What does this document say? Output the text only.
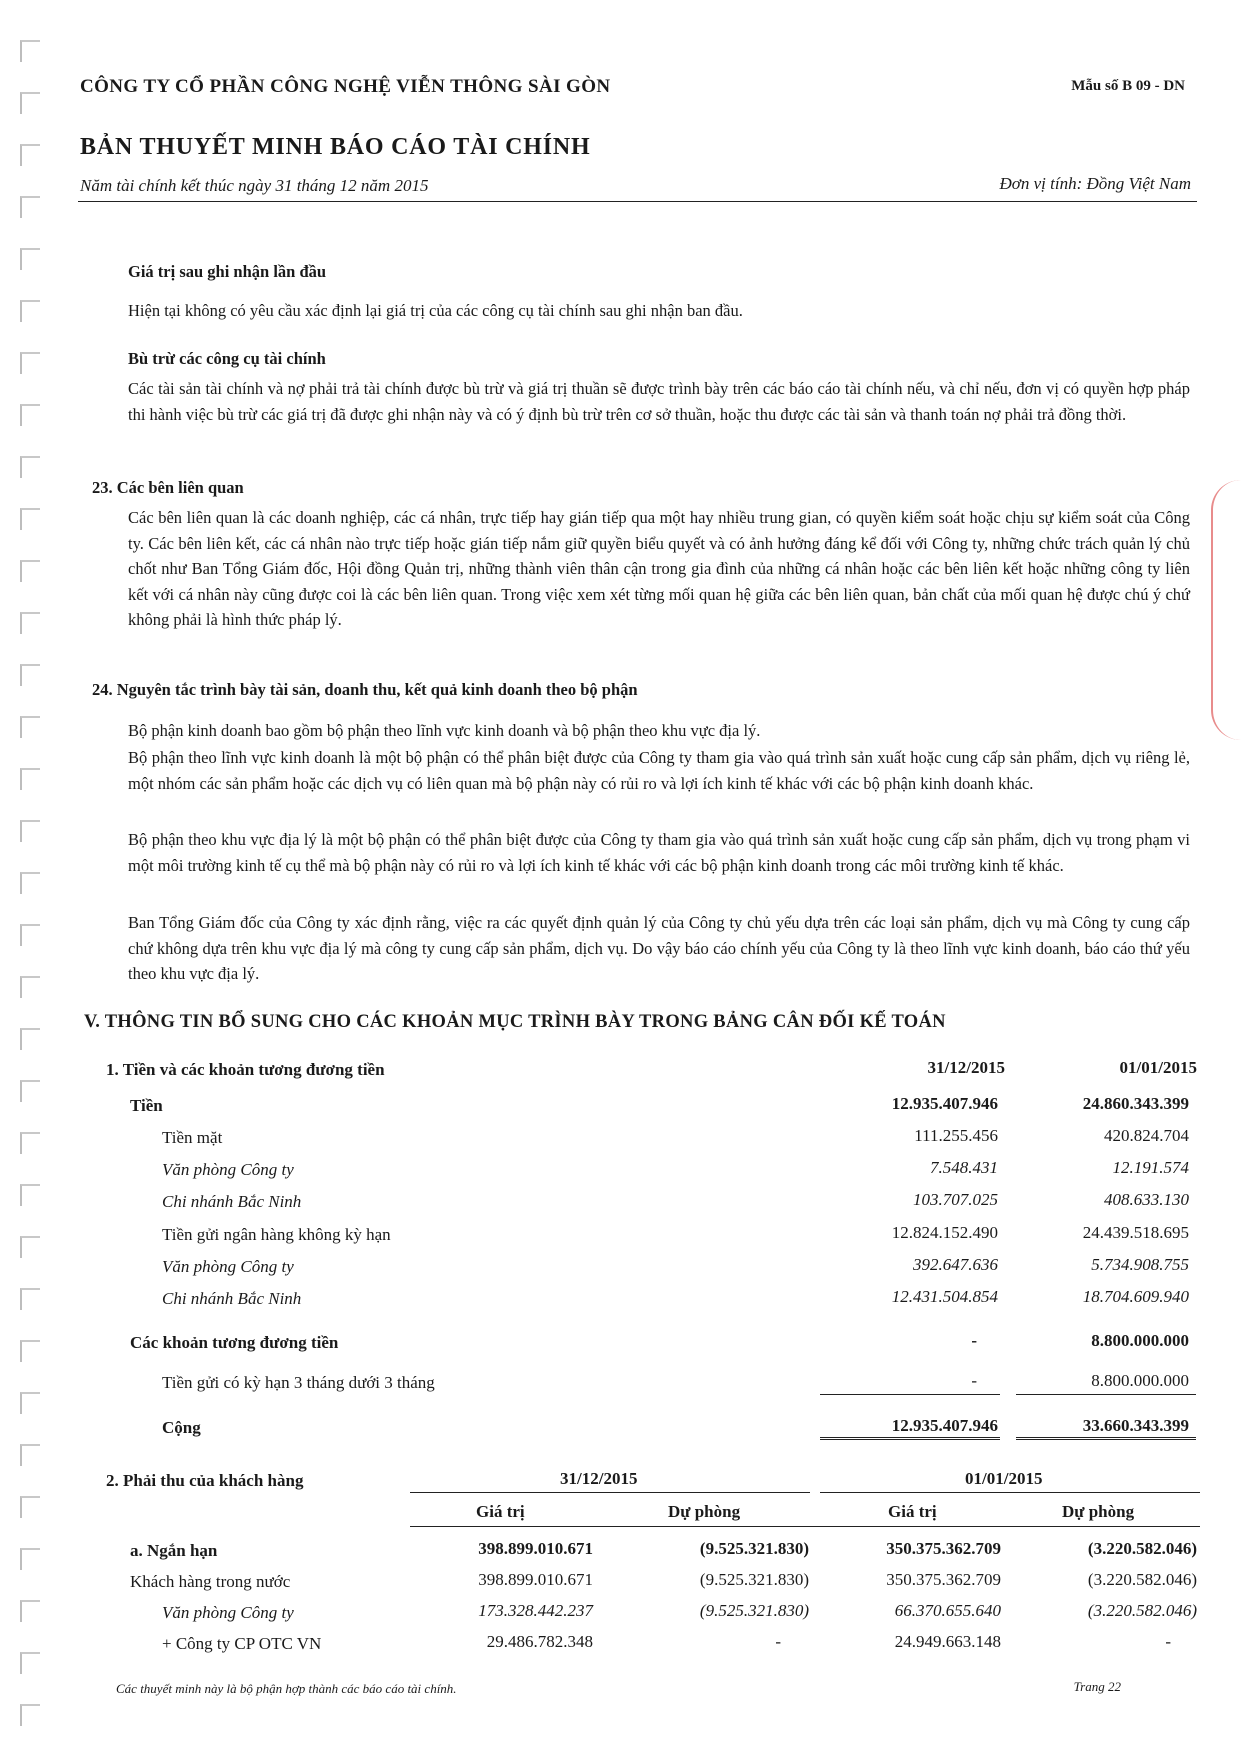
CÔNG TY CỔ PHẦN CÔNG NGHỆ VIỄN THÔNG SÀI GÒN	Mẫu số B 09 - DN
BẢN THUYẾT MINH BÁO CÁO TÀI CHÍNH
Năm tài chính kết thúc ngày 31 tháng 12 năm 2015	Đơn vị tính: Đồng Việt Nam
Giá trị sau ghi nhận lần đầu
Hiện tại không có yêu cầu xác định lại giá trị của các công cụ tài chính sau ghi nhận ban đầu.
Bù trừ các công cụ tài chính
Các tài sản tài chính và nợ phải trả tài chính được bù trừ và giá trị thuần sẽ được trình bày trên các báo cáo tài chính nếu, và chỉ nếu, đơn vị có quyền hợp pháp thi hành việc bù trừ các giá trị đã được ghi nhận này và có ý định bù trừ trên cơ sở thuần, hoặc thu được các tài sản và thanh toán nợ phải trả đồng thời.
23. Các bên liên quan
Các bên liên quan là các doanh nghiệp, các cá nhân, trực tiếp hay gián tiếp qua một hay nhiều trung gian, có quyền kiểm soát hoặc chịu sự kiểm soát của Công ty. Các bên liên kết, các cá nhân nào trực tiếp hoặc gián tiếp nắm giữ quyền biểu quyết và có ảnh hưởng đáng kể đối với Công ty, những chức trách quản lý chủ chốt như Ban Tổng Giám đốc, Hội đồng Quản trị, những thành viên thân cận trong gia đình của những cá nhân hoặc các bên liên kết hoặc những công ty liên kết với cá nhân này cũng được coi là các bên liên quan. Trong việc xem xét từng mối quan hệ giữa các bên liên quan, bản chất của mối quan hệ được chú ý chứ không phải là hình thức pháp lý.
24. Nguyên tắc trình bày tài sản, doanh thu, kết quả kinh doanh theo bộ phận
Bộ phận kinh doanh bao gồm bộ phận theo lĩnh vực kinh doanh và bộ phận theo khu vực địa lý.
Bộ phận theo lĩnh vực kinh doanh là một bộ phận có thể phân biệt được của Công ty tham gia vào quá trình sản xuất hoặc cung cấp sản phẩm, dịch vụ riêng lẻ, một nhóm các sản phẩm hoặc các dịch vụ có liên quan mà bộ phận này có rủi ro và lợi ích kinh tế khác với các bộ phận kinh doanh khác.
Bộ phận theo khu vực địa lý là một bộ phận có thể phân biệt được của Công ty tham gia vào quá trình sản xuất hoặc cung cấp sản phẩm, dịch vụ trong phạm vi một môi trường kinh tế cụ thể mà bộ phận này có rủi ro và lợi ích kinh tế khác với các bộ phận kinh doanh trong các môi trường kinh tế khác.
Ban Tổng Giám đốc của Công ty xác định rằng, việc ra các quyết định quản lý của Công ty chủ yếu dựa trên các loại sản phẩm, dịch vụ mà Công ty cung cấp chứ không dựa trên khu vực địa lý mà công ty cung cấp sản phẩm, dịch vụ. Do vậy báo cáo chính yếu của Công ty là theo lĩnh vực kinh doanh, báo cáo thứ yếu theo khu vực địa lý.
V. THÔNG TIN BỔ SUNG CHO CÁC KHOẢN MỤC TRÌNH BÀY TRONG BẢNG CÂN ĐỐI KẾ TOÁN
1. Tiền và các khoản tương đương tiền	31/12/2015	01/01/2015
Tiền	12.935.407.946	24.860.343.399
Tiền mặt	111.255.456	420.824.704
Văn phòng Công ty	7.548.431	12.191.574
Chi nhánh Bắc Ninh	103.707.025	408.633.130
Tiền gửi ngân hàng không kỳ hạn	12.824.152.490	24.439.518.695
Văn phòng Công ty	392.647.636	5.734.908.755
Chi nhánh Bắc Ninh	12.431.504.854	18.704.609.940
Các khoản tương đương tiền	-	8.800.000.000
Tiền gửi có kỳ hạn 3 tháng dưới 3 tháng	-	8.800.000.000
Cộng	12.935.407.946	33.660.343.399
2. Phải thu của khách hàng	31/12/2015	01/01/2015
Giá trị	Dự phòng	Giá trị	Dự phòng
a. Ngắn hạn	398.899.010.671	(9.525.321.830)	350.375.362.709	(3.220.582.046)
Khách hàng trong nước	398.899.010.671	(9.525.321.830)	350.375.362.709	(3.220.582.046)
Văn phòng Công ty	173.328.442.237	(9.525.321.830)	66.370.655.640	(3.220.582.046)
+ Công ty CP OTC VN	29.486.782.348	-	24.949.663.148	-
Các thuyết minh này là bộ phận hợp thành các báo cáo tài chính.	Trang 22
